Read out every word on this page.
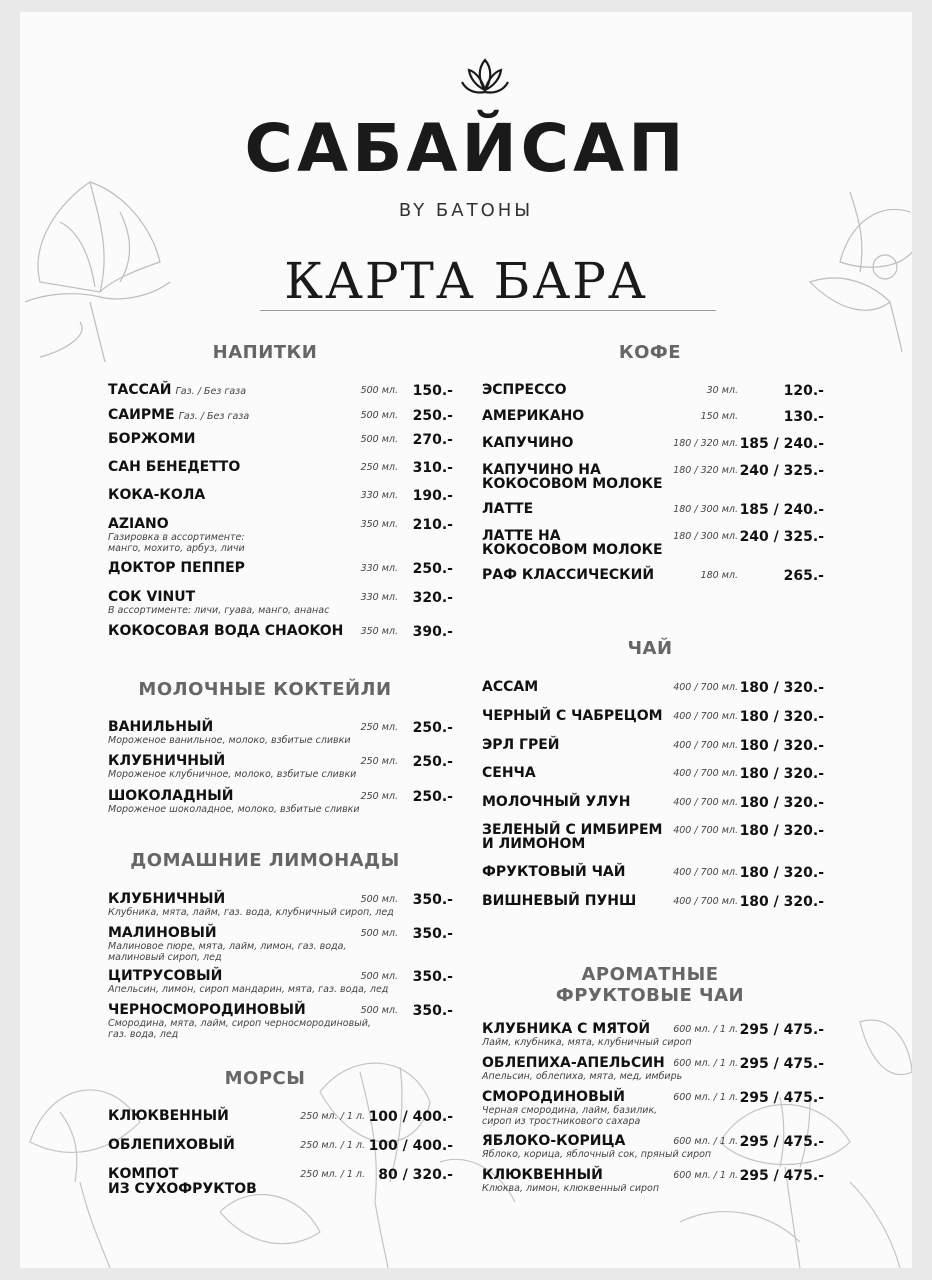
САБАЙСАП
BY БАТОНЫ
КАРТА БАРА
НАПИТКИ
ТАССАЙ Газ. / Без газа	500 мл. 150.-
САИРМЕ Газ. / Без газа	500 мл. 250.-
БОРЖОМИ	500 мл. 270.-
САН БЕНЕДЕТТО	250 мл. 310.-
КОКА-КОЛА	330 мл. 190.-
AZIANO	350 мл. 210.-
Газировка в ассортименте:
манго, мохито, арбуз, личи
ДОКТОР ПЕППЕР	330 мл. 250.-
СОК VINUT	330 мл. 320.-
В ассортименте: личи, гуава, манго, ананас
КОКОСОВАЯ ВОДА CHAOKOH 350 мл. 390.-
МОЛОЧНЫЕ КОКТЕЙЛИ
ВАНИЛЬНЫЙ	250 мл. 250.-
Мороженое ванильное, молоко, взбитые сливки
КЛУБНИЧНЫЙ	250 мл. 250.-
Мороженое клубничное, молоко, взбитые сливки
ШОКОЛАДНЫЙ	250 мл. 250.-
Мороженое шоколадное, молоко, взбитые сливки
ДОМАШНИЕ ЛИМОНАДЫ
КЛУБНИЧНЫЙ	500 мл. 350.-
Клубника, мята, лайм, газ. вода, клубничный сироп, лед
МАЛИНОВЫЙ	500 мл. 350.-
Малиновое пюре, мята, лайм, лимон, газ. вода,
малиновый сироп, лед
ЦИТРУСОВЫЙ	500 мл. 350.-
Апельсин, лимон, сироп мандарин, мята, газ. вода, лед
ЧЕРНОСМОРОДИНОВЫЙ	500 мл. 350.-
Смородина, мята, лайм, сироп черносмородиновый,
газ. вода, лед
МОРСЫ
КЛЮКВЕННЫЙ	250 мл. / 1 л. 100 / 400.-
ОБЛЕПИХОВЫЙ	250 мл. / 1 л. 100 / 400.-
КОМПОТ
ИЗ СУХОФРУКТОВ
250 мл. / 1 л. 80 / 320.-
КОФЕ
ЭСПРЕССО	30 мл.	120.-
АМЕРИКАНО	150 мл.	130.-
КАПУЧИНО	180 / 320 мл. 185 / 240.-
КАПУЧИНО НА
КОКОСОВОМ МОЛОКЕ
180 / 320 мл. 240 / 325.-
ЛАТТЕ	180 / 300 мл. 185 / 240.-
ЛАТТЕ НА
КОКОСОВОМ МОЛОКЕ
180 / 300 мл. 240 / 325.-
РАФ КЛАССИЧЕСКИЙ	180 мл.	265.-
ЧАЙ
АССАМ	400 / 700 мл. 180 / 320.-
ЧЕРНЫЙ С ЧАБРЕЦОМ 400 / 700 мл. 180 / 320.-
ЭРЛ ГРЕЙ	400 / 700 мл. 180 / 320.-
СЕНЧА	400 / 700 мл. 180 / 320.-
МОЛОЧНЫЙ УЛУН	400 / 700 мл. 180 / 320.-
ЗЕЛЕНЫЙ С ИМБИРЕМ
И ЛИМОНОМ
400 / 700 мл. 180 / 320.-
ФРУКТОВЫЙ ЧАЙ	400 / 700 мл. 180 / 320.-
ВИШНЕВЫЙ ПУНШ	400 / 700 мл. 180 / 320.-
АРОМАТНЫЕ
ФРУКТОВЫЕ ЧАИ
КЛУБНИКА С МЯТОЙ 600 мл. / 1 л. 295 / 475.-
Лайм, клубника, мята, клубничный сироп
ОБЛЕПИХА-АПЕЛЬСИН 600 мл. / 1 л. 295 / 475.-
Апельсин, облепиха, мята, мед, имбирь
СМОРОДИНОВЫЙ	600 мл. / 1 л. 295 / 475.-
Черная смородина, лайм, базилик,
сироп из тростникового сахара
ЯБЛОКО-КОРИЦА	600 мл. / 1 л. 295 / 475.-
Яблоко, корица, яблочный сок, пряный сироп
КЛЮКВЕННЫЙ	600 мл. / 1 л. 295 / 475.-
Клюква, лимон, клюквенный сироп
